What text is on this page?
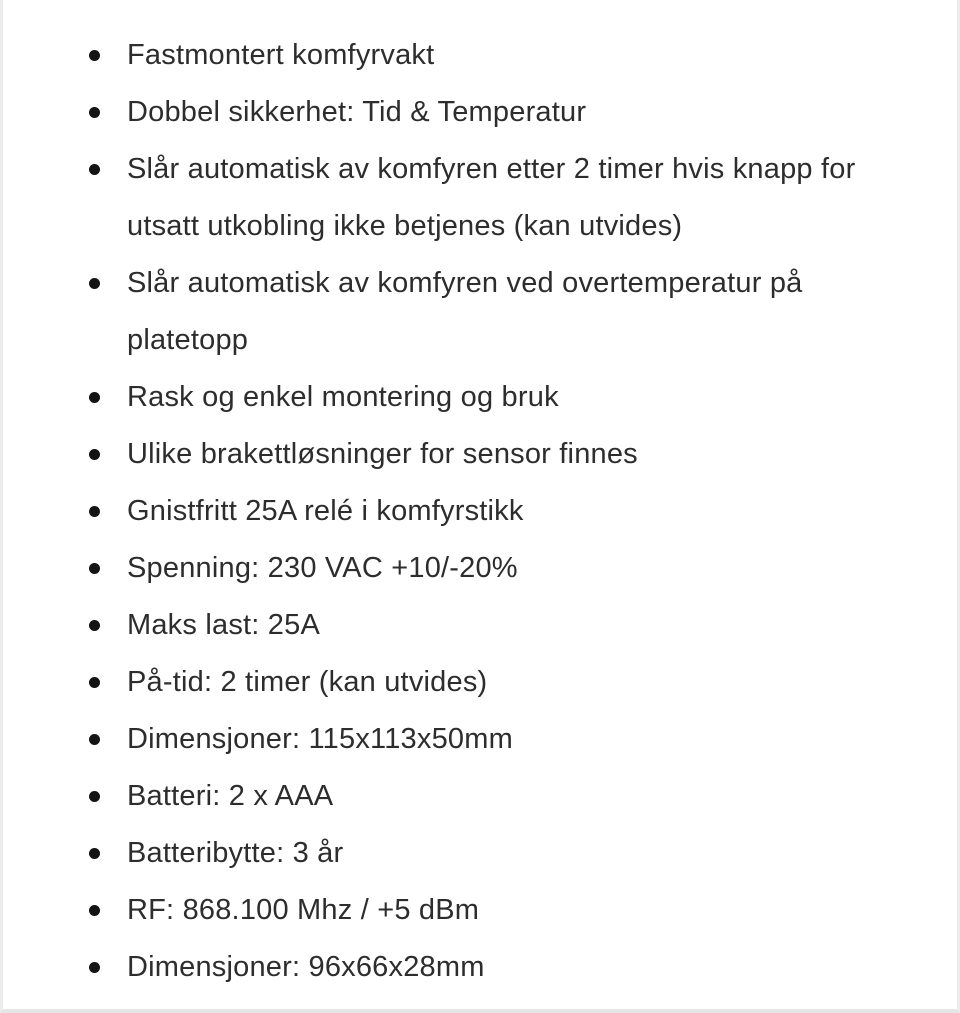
Fastmontert komfyrvakt
Dobbel sikkerhet: Tid & Temperatur
Slår automatisk av komfyren etter 2 timer hvis knapp for utsatt utkobling ikke betjenes (kan utvides)
Slår automatisk av komfyren ved overtemperatur på platetopp
Rask og enkel montering og bruk
Ulike brakettløsninger for sensor finnes
Gnistfritt 25A relé i komfyrstikk
Spenning: 230 VAC +10/-20%
Maks last: 25A
På-tid: 2 timer (kan utvides)
Dimensjoner: 115x113x50mm
Batteri: 2 x AAA
Batteribytte: 3 år
RF: 868.100 Mhz / +5 dBm
Dimensjoner: 96x66x28mm
